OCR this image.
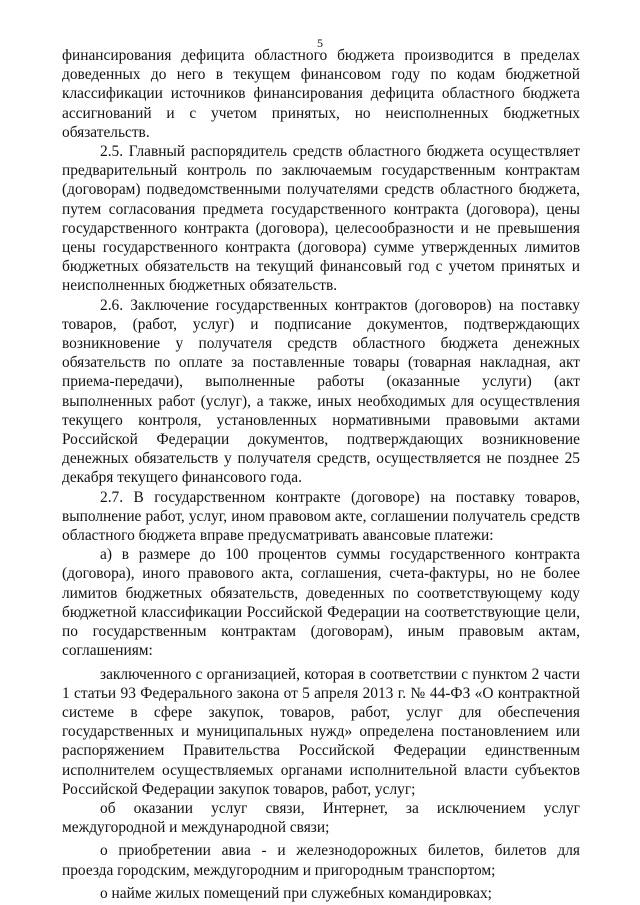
5

финансирования дефицита областного бюджета производится в пределах доведенных до него в текущем финансовом году по кодам бюджетной классификации источников финансирования дефицита областного бюджета ассигнований и с учетом принятых, но неисполненных бюджетных обязательств.

2.5. Главный распорядитель средств областного бюджета осуществляет предварительный контроль по заключаемым государственным контрактам (договорам) подведомственными получателями средств областного бюджета, путем согласования предмета государственного контракта (договора), цены государственного контракта (договора), целесообразности и не превышения цены государственного контракта (договора) сумме утвержденных лимитов бюджетных обязательств на текущий финансовый год с учетом принятых и неисполненных бюджетных обязательств.

2.6. Заключение государственных контрактов (договоров) на поставку товаров, (работ, услуг) и подписание документов, подтверждающих возникновение у получателя средств областного бюджета денежных обязательств по оплате за поставленные товары (товарная накладная, акт приема-передачи), выполненные работы (оказанные услуги) (акт выполненных работ (услуг), а также, иных необходимых для осуществления текущего контроля, установленных нормативными правовыми актами Российской Федерации документов, подтверждающих возникновение денежных обязательств у получателя средств, осуществляется не позднее 25 декабря текущего финансового года.

2.7. В государственном контракте (договоре) на поставку товаров, выполнение работ, услуг, ином правовом акте, соглашении получатель средств областного бюджета вправе предусматривать авансовые платежи:

а) в размере до 100 процентов суммы государственного контракта (договора), иного правового акта, соглашения, счета-фактуры, но не более лимитов бюджетных обязательств, доведенных по соответствующему коду бюджетной классификации Российской Федерации на соответствующие цели, по государственным контрактам (договорам), иным правовым актам, соглашениям:

заключенного с организацией, которая в соответствии с пунктом 2 части 1 статьи 93 Федерального закона от 5 апреля 2013 г. № 44-ФЗ «О контрактной системе в сфере закупок, товаров, работ, услуг для обеспечения государственных и муниципальных нужд» определена постановлением или распоряжением Правительства Российской Федерации единственным исполнителем осуществляемых органами исполнительной власти субъектов Российской Федерации закупок товаров, работ, услуг;

об оказании услуг связи, Интернет, за исключением услуг междугородной и международной связи;

о приобретении авиа - и железнодорожных билетов, билетов для проезда городским, междугородним и пригородным транспортом;

о найме жилых помещений при служебных командировках;
